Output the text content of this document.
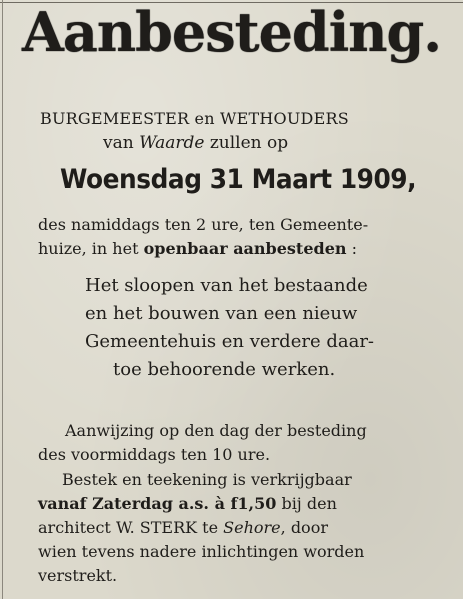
Aanbesteding.
BURGEMEESTER en WETHOUDERS
van Waarde zullen op
Woensdag 31 Maart 1909,
des namiddags ten 2 ure, ten Gemeente-
huize, in het openbaar aanbesteden :
Het sloopen van het bestaande
en het bouwen van een nieuw
Gemeentehuis en verdere daar-
toe behoorende werken.
Aanwijzing op den dag der besteding
des voormiddags ten 10 ure.
Bestek en teekening is verkrijgbaar
vanaf Zaterdag a.s. à f1,50 bij den
architect W. STERK te Sehore, door
wien tevens nadere inlichtingen worden
verstrekt.
